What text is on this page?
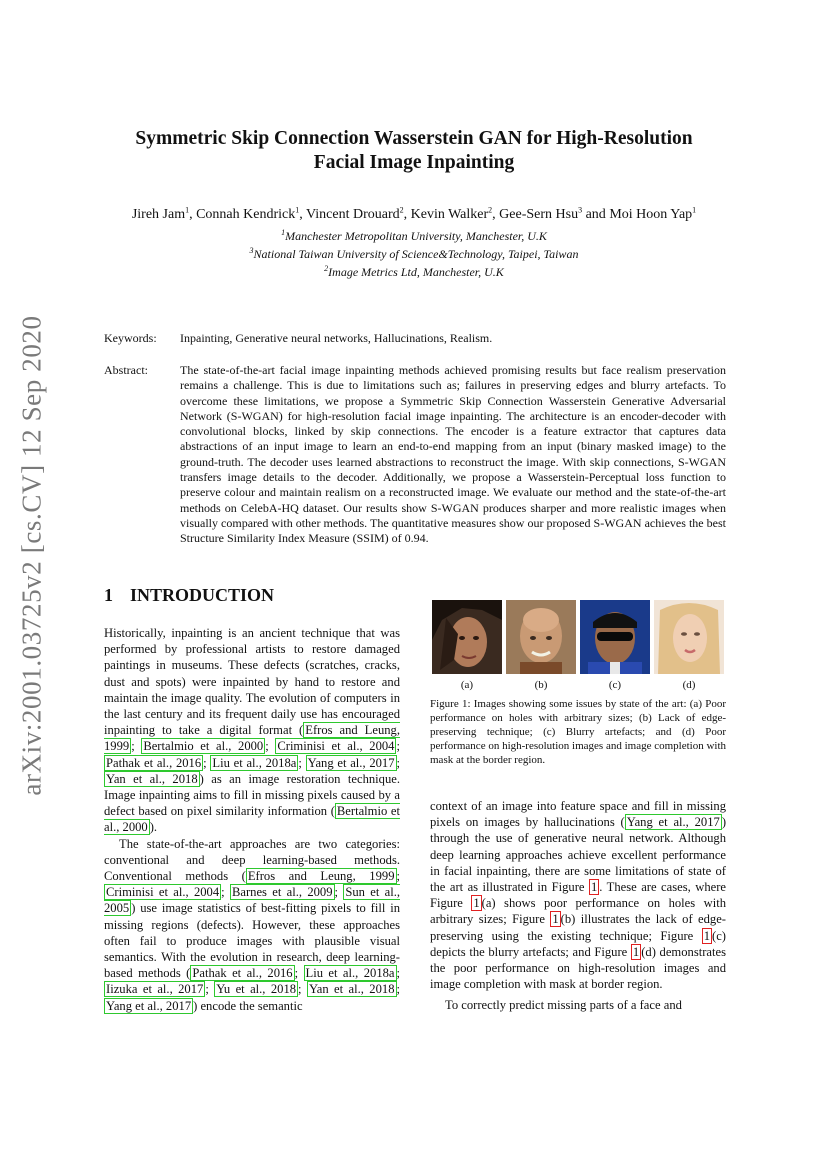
arXiv:2001.03725v2 [cs.CV] 12 Sep 2020
Symmetric Skip Connection Wasserstein GAN for High-Resolution
Facial Image Inpainting
Jireh Jam$^1$, Connah Kendrick$^1$, Vincent Drouard$^2$, Kevin Walker$^2$, Gee-Sern Hsu$^3$ and Moi Hoon Yap$^1$
$^1$Manchester Metropolitan University, Manchester, U.K
$^3$National Taiwan University of Science&Technology, Taipei, Taiwan
$^2$Image Metrics Ltd, Manchester, U.K
Keywords: Inpainting, Generative neural networks, Hallucinations, Realism.
Abstract:	The state-of-the-art facial image inpainting methods achieved promising results but face realism preservation remains a challenge. This is due to limitations such as; failures in preserving edges and blurry artefacts. To overcome these limitations, we propose a Symmetric Skip Connection Wasserstein Generative Adversarial Network (S-WGAN) for high-resolution facial image inpainting. The architecture is an encoder-decoder with convolutional blocks, linked by skip connections. The encoder is a feature extractor that captures data abstractions of an input image to learn an end-to-end mapping from an input (binary masked image) to the ground-truth. The decoder uses learned abstractions to reconstruct the image. With skip connections, S-WGAN transfers image details to the decoder. Additionally, we propose a Wasserstein-Perceptual loss function to preserve colour and maintain realism on a reconstructed image. We evaluate our method and the state-of-the-art methods on CelebA-HQ dataset. Our results show S-WGAN produces sharper and more realistic images when visually compared with other methods. The quantitative measures show our proposed S-WGAN achieves the best Structure Similarity Index Measure (SSIM) of 0.94.
1 INTRODUCTION

Historically, inpainting is an ancient technique that was performed by professional artists to restore damaged paintings in museums. These defects (scratches, cracks, dust and spots) were inpainted by hand to restore and maintain the image quality. The evolution of computers in the last century and its frequent daily use has encouraged inpainting to take a digital format ( Efros and Leung, 1999 ; Bertalmio et al., 2000 ; Criminisi et al., 2004 ; Pathak et al., 2016 ; Liu et al., 2018a ; Yang et al., 2017 ; Yan et al., 2018 ) as an image restoration technique. Image inpainting aims to fill in missing pixels caused by a defect based on pixel similarity information ( Bertalmio et al., 2000 ).

The state-of-the-art approaches are two categories: conventional and deep learning-based methods. Conventional methods ( Efros and Leung, 1999 ; Criminisi et al., 2004 ; Barnes et al., 2009 ; Sun et al., 2005 ) use image statistics of best-fitting pixels to fill in missing regions (defects). However, these approaches often fail to produce images with plausible visual semantics. With the evolution in research, deep learning-based methods ( Pathak et al., 2016 ; Liu et al., 2018a ; Iizuka et al., 2017 ; Yu et al., 2018 ; Yan et al., 2018 ; Yang et al., 2017 ) encode the semantic

(a)	(b)	(c)	(d)
Figure 1: Images showing some issues by state of the art: (a) Poor performance on holes with arbitrary sizes; (b) Lack of edge-preserving technique; (c) Blurry artefacts; and (d) Poor performance on high-resolution images and image completion with mask at the border region.

context of an image into feature space and fill in missing pixels on images by hallucinations ( Yang et al., 2017 ) through the use of generative neural network. Although deep learning approaches achieve excellent performance in facial inpainting, there are some limitations of state of the art as illustrated in Figure 1 . These are cases, where Figure 1 (a) shows poor performance on holes with arbitrary sizes; Figure 1 (b) illustrates the lack of edge-preserving using the existing technique; Figure 1 (c) depicts the blurry artefacts; and Figure 1 (d) demonstrates the poor performance on high-resolution images and image completion with mask at border region.

To correctly predict missing parts of a face and
